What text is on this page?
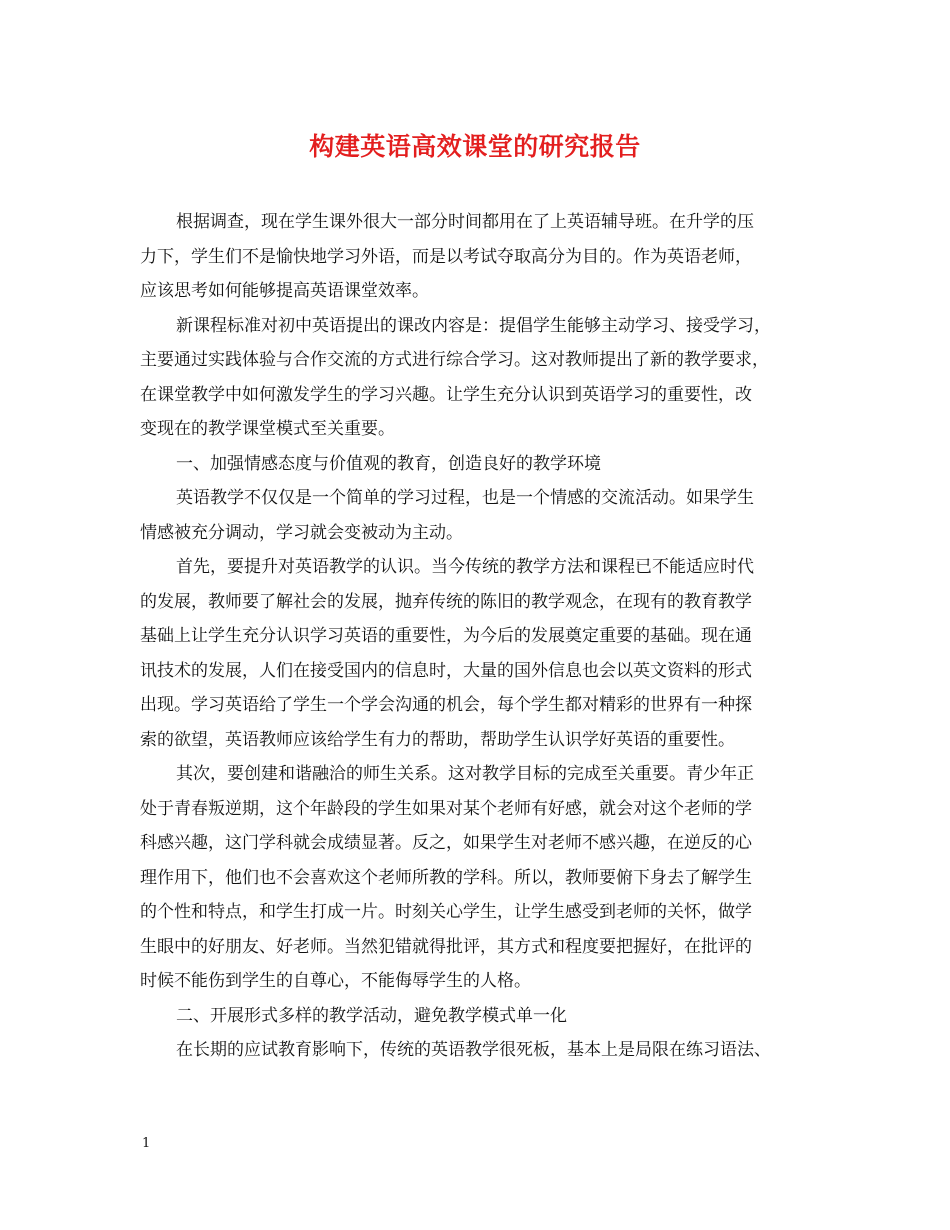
构建英语高效课堂的研究报告
根据调查，现在学生课外很大一部分时间都用在了上英语辅导班。在升学的压
力下，学生们不是愉快地学习外语，而是以考试夺取高分为目的。作为英语老师，
应该思考如何能够提高英语课堂效率。
新课程标准对初中英语提出的课改内容是：提倡学生能够主动学习、接受学习，
主要通过实践体验与合作交流的方式进行综合学习。这对教师提出了新的教学要求，
在课堂教学中如何激发学生的学习兴趣。让学生充分认识到英语学习的重要性，改
变现在的教学课堂模式至关重要。
一、加强情感态度与价值观的教育，创造良好的教学环境
英语教学不仅仅是一个简单的学习过程，也是一个情感的交流活动。如果学生
情感被充分调动，学习就会变被动为主动。
首先，要提升对英语教学的认识。当今传统的教学方法和课程已不能适应时代
的发展，教师要了解社会的发展，抛弃传统的陈旧的教学观念，在现有的教育教学
基础上让学生充分认识学习英语的重要性，为今后的发展奠定重要的基础。现在通
讯技术的发展，人们在接受国内的信息时，大量的国外信息也会以英文资料的形式
出现。学习英语给了学生一个学会沟通的机会，每个学生都对精彩的世界有一种探
索的欲望，英语教师应该给学生有力的帮助，帮助学生认识学好英语的重要性。
其次，要创建和谐融洽的师生关系。这对教学目标的完成至关重要。青少年正
处于青春叛逆期，这个年龄段的学生如果对某个老师有好感，就会对这个老师的学
科感兴趣，这门学科就会成绩显著。反之，如果学生对老师不感兴趣，在逆反的心
理作用下，他们也不会喜欢这个老师所教的学科。所以，教师要俯下身去了解学生
的个性和特点，和学生打成一片。时刻关心学生，让学生感受到老师的关怀，做学
生眼中的好朋友、好老师。当然犯错就得批评，其方式和程度要把握好，在批评的
时候不能伤到学生的自尊心，不能侮辱学生的人格。
二、开展形式多样的教学活动，避免教学模式单一化
在长期的应试教育影响下，传统的英语教学很死板，基本上是局限在练习语法、
1
